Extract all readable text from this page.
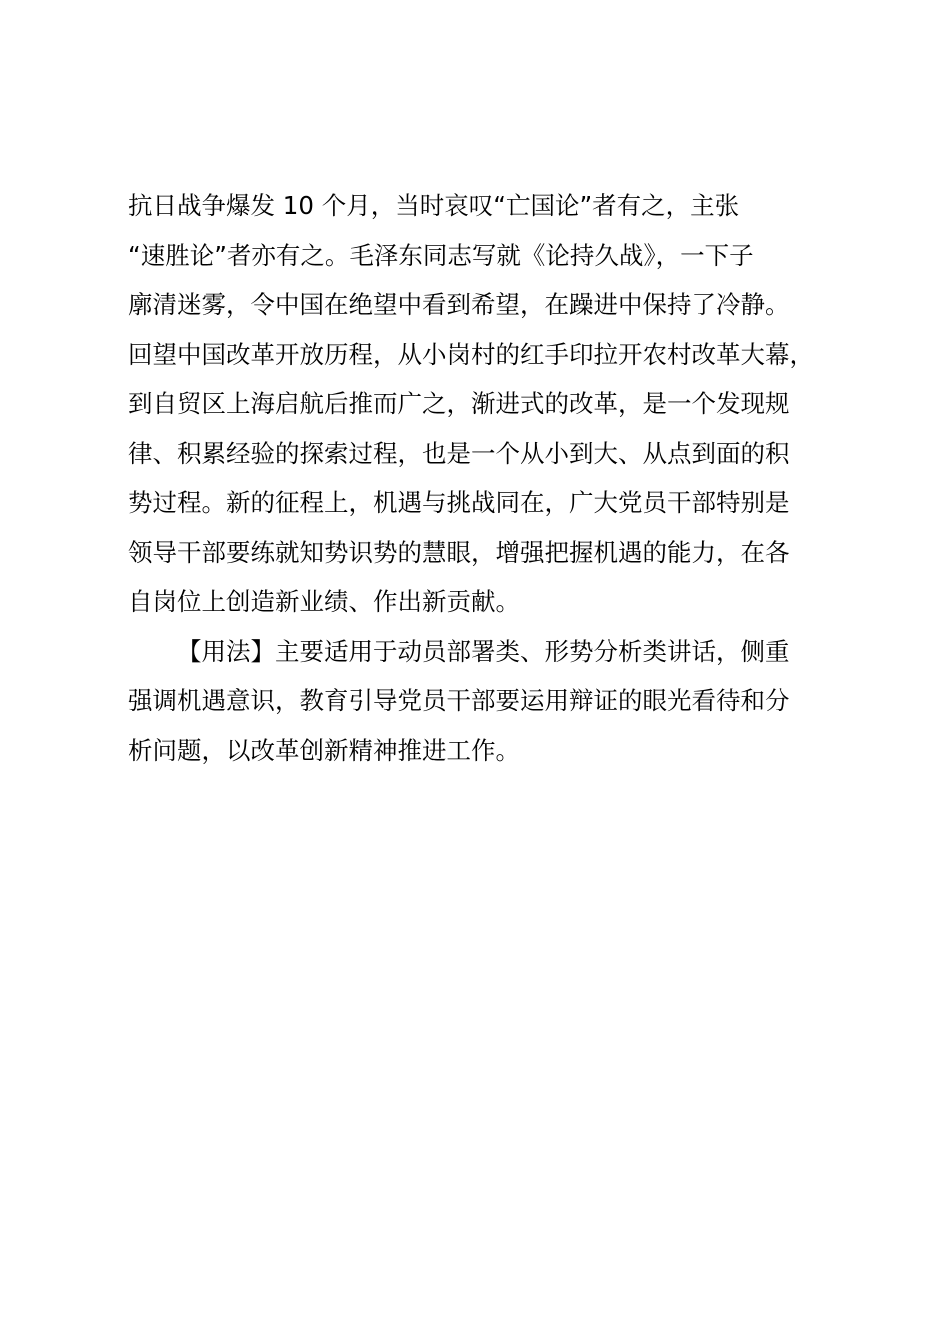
抗日战争爆发 10 个月，当时哀叹“亡国论”者有之，主张
“速胜论”者亦有之。毛泽东同志写就《论持久战》，一下子
廓清迷雾，令中国在绝望中看到希望，在躁进中保持了冷静。
回望中国改革开放历程，从小岗村的红手印拉开农村改革大幕，
到自贸区上海启航后推而广之，渐进式的改革，是一个发现规
律、积累经验的探索过程，也是一个从小到大、从点到面的积
势过程。新的征程上，机遇与挑战同在，广大党员干部特别是
领导干部要练就知势识势的慧眼，增强把握机遇的能力，在各
自岗位上创造新业绩、作出新贡献。
【用法】主要适用于动员部署类、形势分析类讲话，侧重
强调机遇意识，教育引导党员干部要运用辩证的眼光看待和分
析问题，以改革创新精神推进工作。
